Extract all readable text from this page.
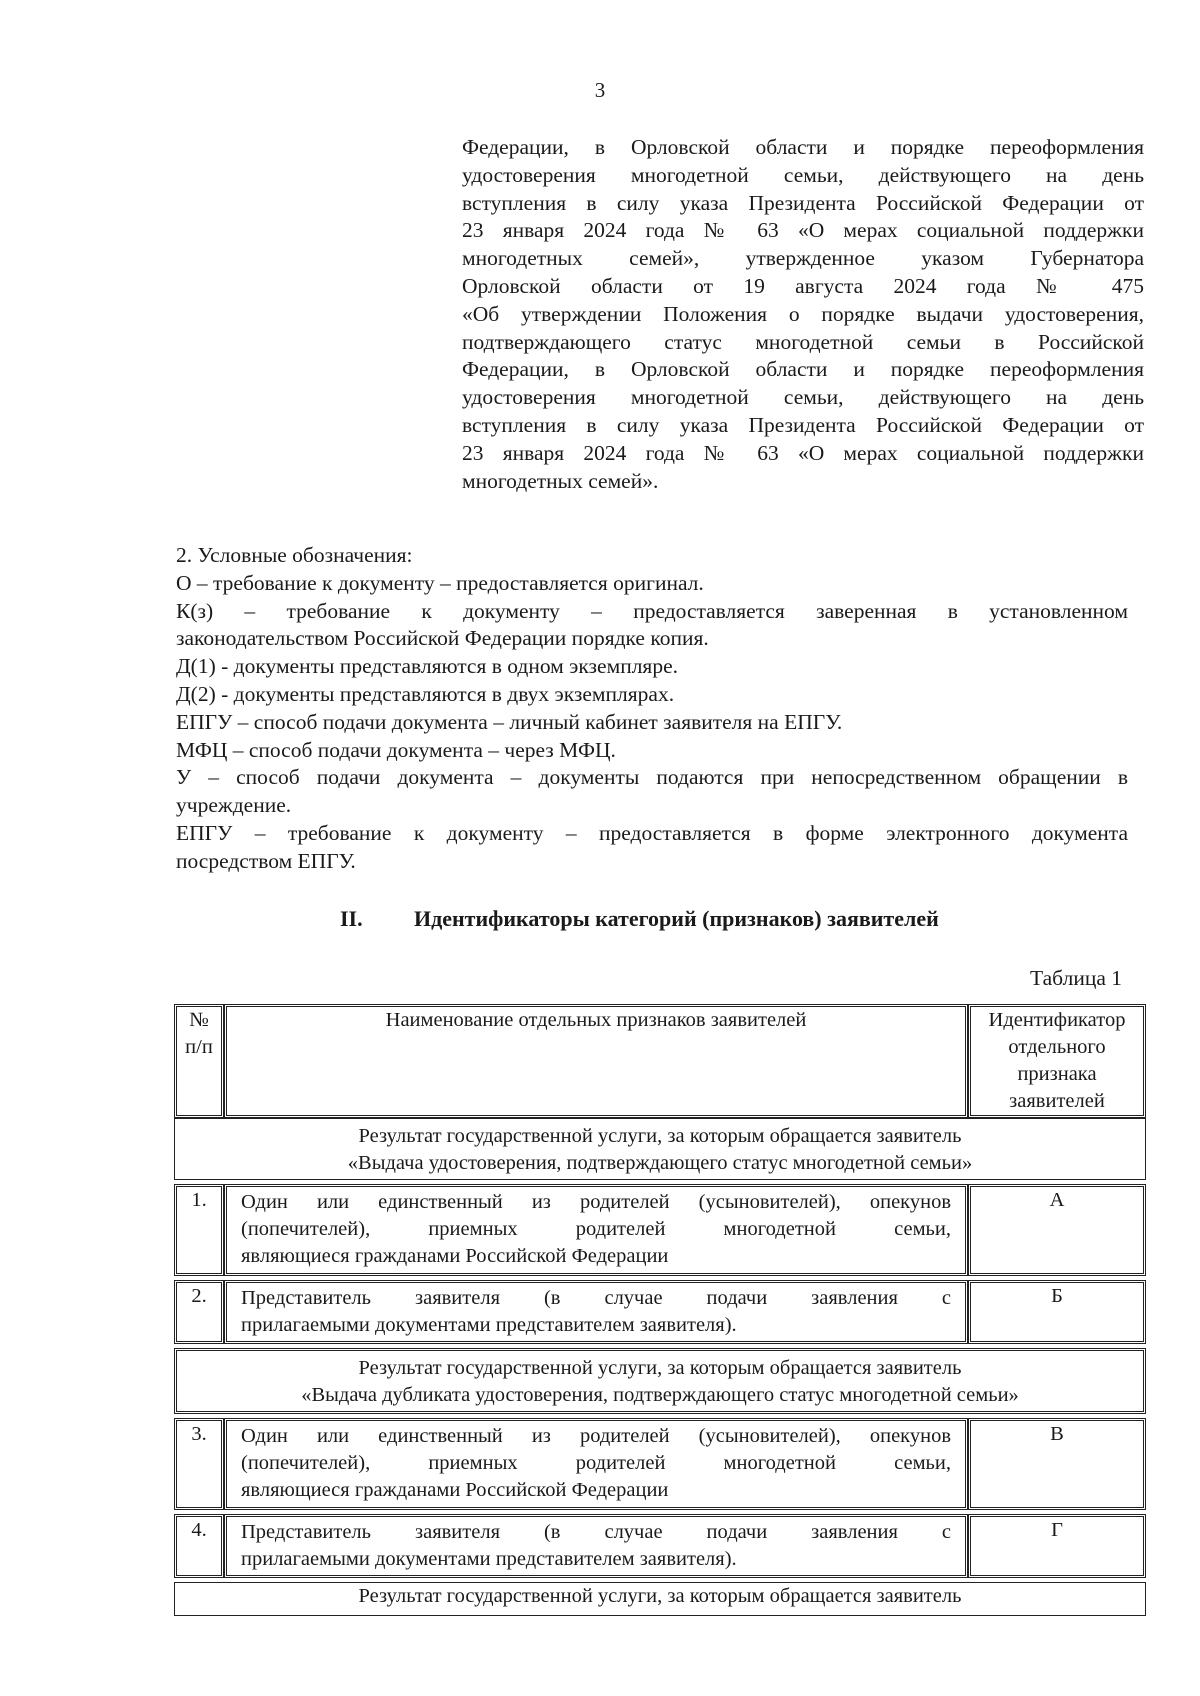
3
Федерации, в Орловской области и порядке переоформления
удостоверения многодетной семьи, действующего на день
вступления в силу указа Президента Российской Федерации от
23 января 2024 года № 63 «О мерах социальной поддержки
многодетных семей», утвержденное указом Губернатора
Орловской области от 19 августа 2024 года № 475
«Об утверждении Положения о порядке выдачи удостоверения,
подтверждающего статус многодетной семьи в Российской
Федерации, в Орловской области и порядке переоформления
удостоверения многодетной семьи, действующего на день
вступления в силу указа Президента Российской Федерации от
23 января 2024 года № 63 «О мерах социальной поддержки
многодетных семей».
2. Условные обозначения:
О – требование к документу – предоставляется оригинал.
К(з) – требование к документу – предоставляется заверенная в установленном
законодательством Российской Федерации порядке копия.
Д(1) - документы представляются в одном экземпляре.
Д(2) - документы представляются в двух экземплярах.
ЕПГУ – способ подачи документа – личный кабинет заявителя на ЕПГУ.
МФЦ – способ подачи документа – через МФЦ.
У – способ подачи документа – документы подаются при непосредственном обращении в
учреждение.
ЕПГУ – требование к документу – предоставляется в форме электронного документа
посредством ЕПГУ.
II. Идентификаторы категорий (признаков) заявителей
Таблица 1
№
п/п
Наименование отдельных признаков заявителей	Идентификатор
отдельного
признака
заявителей
Результат государственной услуги, за которым обращается заявитель
«Выдача удостоверения, подтверждающего статус многодетной семьи»
1.	Один или единственный из родителей (усыновителей), опекунов
(попечителей), приемных родителей многодетной семьи,
являющиеся гражданами Российской Федерации
А
2.	Представитель заявителя (в случае подачи заявления с
прилагаемыми документами представителем заявителя).
Б
Результат государственной услуги, за которым обращается заявитель
«Выдача дубликата удостоверения, подтверждающего статус многодетной семьи»
3.	Один или единственный из родителей (усыновителей), опекунов
(попечителей), приемных родителей многодетной семьи,
являющиеся гражданами Российской Федерации
В
4.	Представитель заявителя (в случае подачи заявления с
прилагаемыми документами представителем заявителя).
Г
Результат государственной услуги, за которым обращается заявитель
